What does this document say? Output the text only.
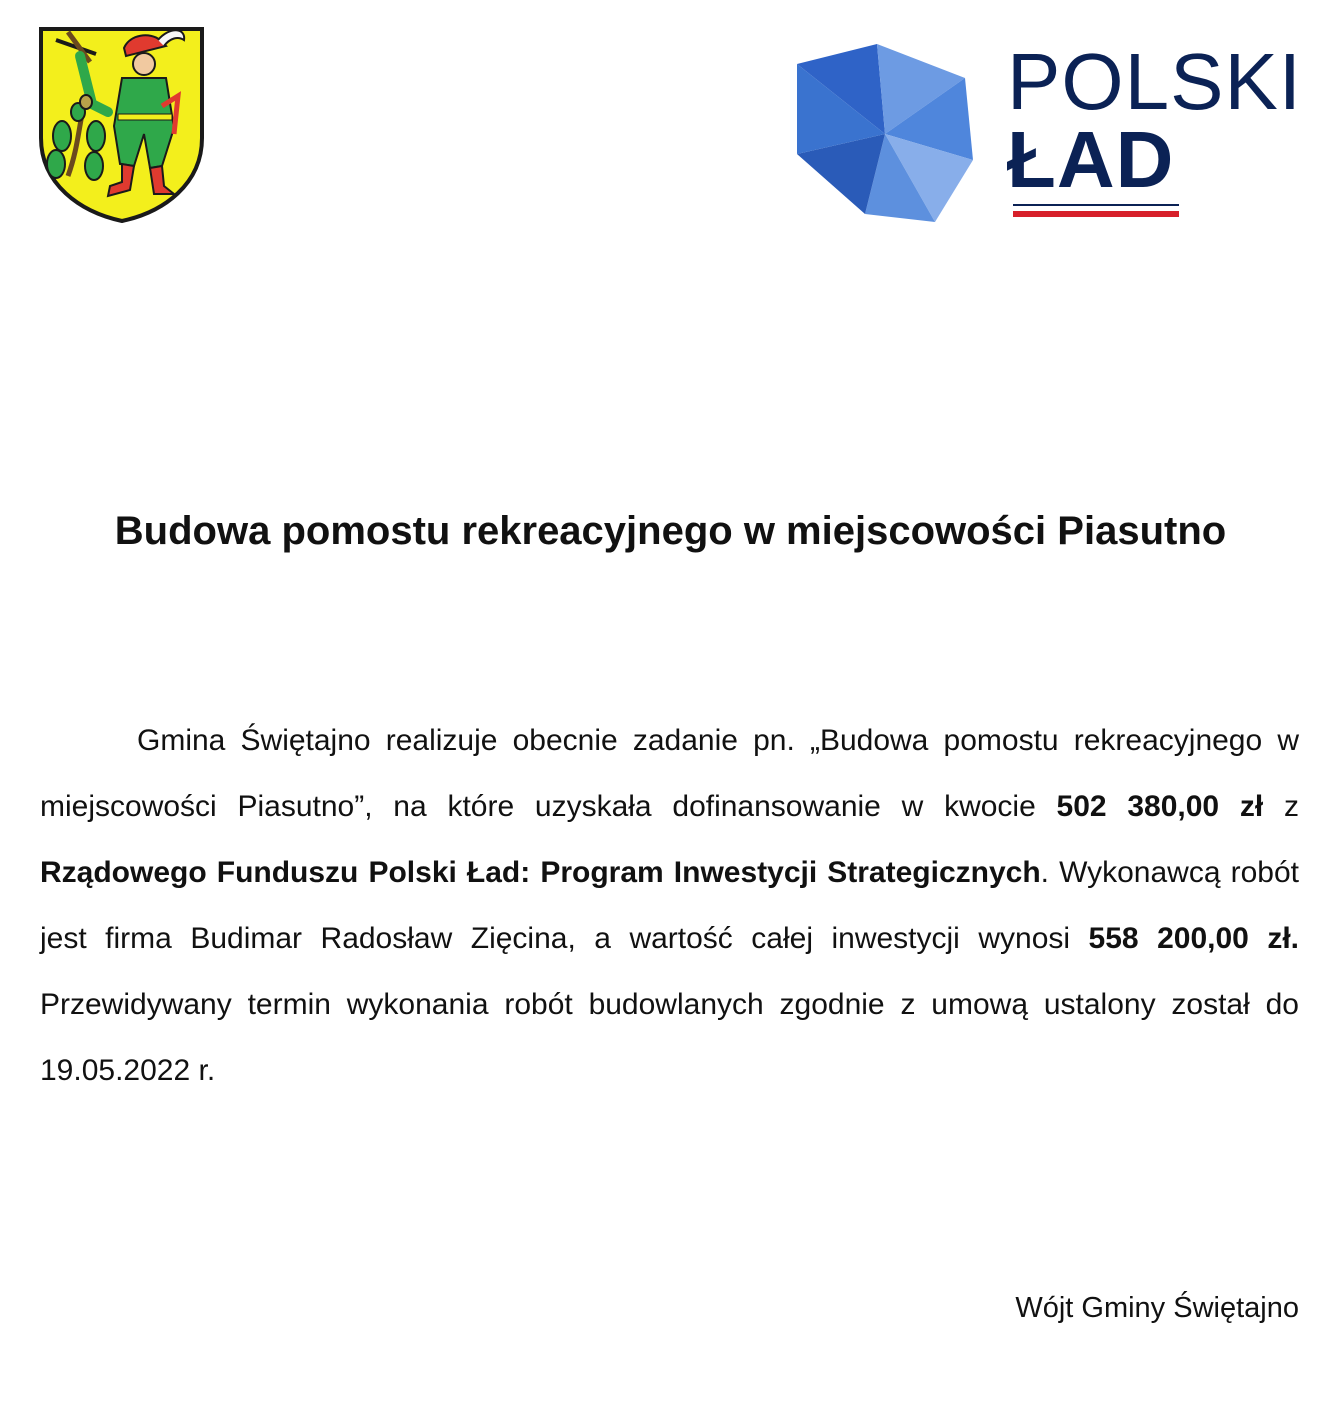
POLSKI
ŁAD
Budowa pomostu rekreacyjnego w miejscowości Piasutno

Gmina Świętajno realizuje obecnie zadanie pn. „Budowa pomostu rekreacyjnego w miejscowości Piasutno”, na które uzyskała dofinansowanie w kwocie 502 380,00 zł z Rządowego Funduszu Polski Ład: Program Inwestycji Strategicznych. Wykonawcą robót jest firma Budimar Radosław Zięcina, a wartość całej inwestycji wynosi 558 200,00 zł. Przewidywany termin wykonania robót budowlanych zgodnie z umową ustalony został do 19.05.2022 r.

Wójt Gminy Świętajno
